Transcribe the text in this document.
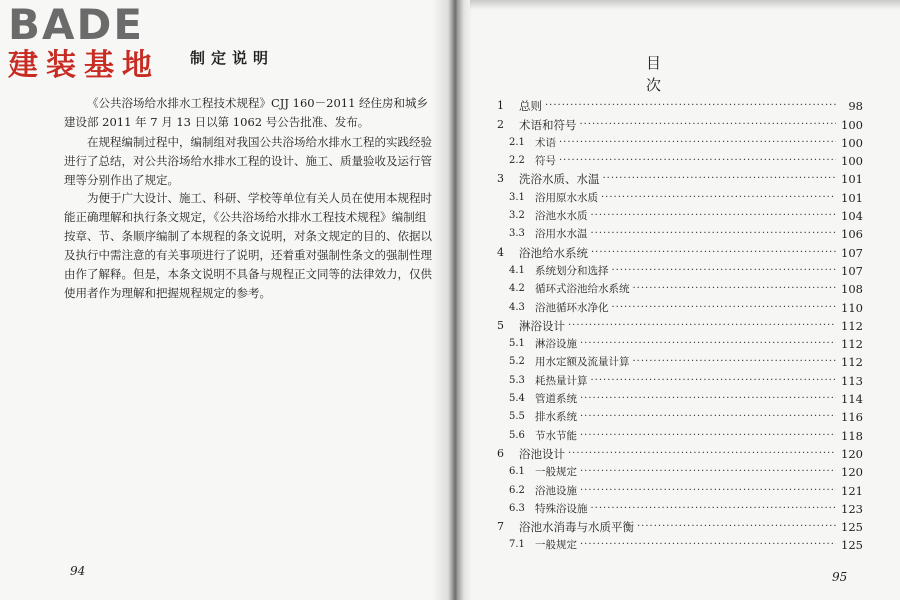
BADE
建装基地	制定说明

《公共浴场给水排水工程技术规程》CJJ 160－2011 经住房和城乡建设部 2011 年 7 月 13 日以第 1062 号公告批准、发布。

在规程编制过程中，编制组对我国公共浴场给水排水工程的实践经验进行了总结，对公共浴场给水排水工程的设计、施工、质量验收及运行管理等分别作出了规定。

为便于广大设计、施工、科研、学校等单位有关人员在使用本规程时能正确理解和执行条文规定，《公共浴场给水排水工程技术规程》编制组按章、节、条顺序编制了本规程的条文说明，对条文规定的目的、依据以及执行中需注意的有关事项进行了说明，还着重对强制性条文的强制性理由作了解释。但是，本条文说明不具备与规程正文同等的法律效力，仅供使用者作为理解和把握规程规定的参考。

94
目 次
1	总则 ·····	98
2	术语和符号 ·····	100
2.1 术语 ·····	100
2.2 符号 ·····	100
3	洗浴水质、水温 ·····	101
3.1 浴用原水水质 ·····	101
3.2 浴池水水质 ·····	104
3.3 浴用水水温 ·····	106
4	浴池给水系统 ·····	107
4.1 系统划分和选择 ·····	107
4.2 循环式浴池给水系统 ·····	108
4.3 浴池循环水净化 ·····	110
5	淋浴设计 ·····	112
5.1 淋浴设施 ·····	112
5.2 用水定额及流量计算 ·····	112
5.3 耗热量计算 ·····	113
5.4 管道系统 ·····	114
5.5 排水系统 ·····	116
5.6 节水节能 ·····	118
6	浴池设计 ·····	120
6.1 一般规定 ·····	120
6.2 浴池设施 ·····	121
6.3 特殊浴设施 ·····	123
7	浴池水消毒与水质平衡 ·····	125
7.1 一般规定 ·····	125
95
